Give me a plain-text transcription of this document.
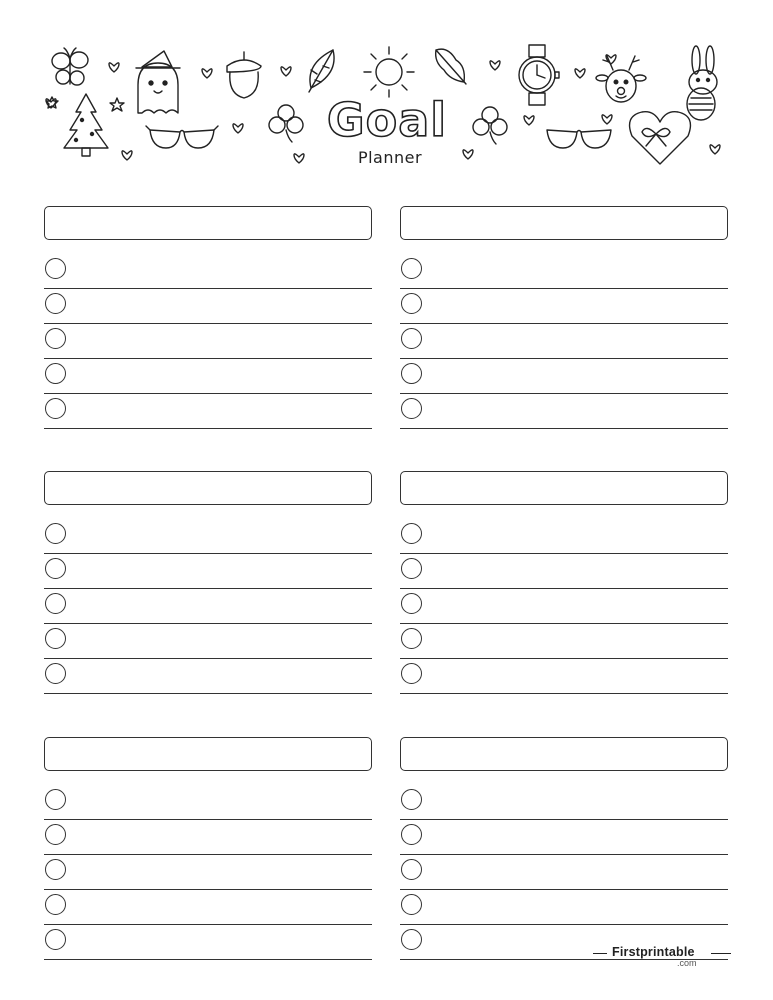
Goal
Planner
Firstprintable
.com
